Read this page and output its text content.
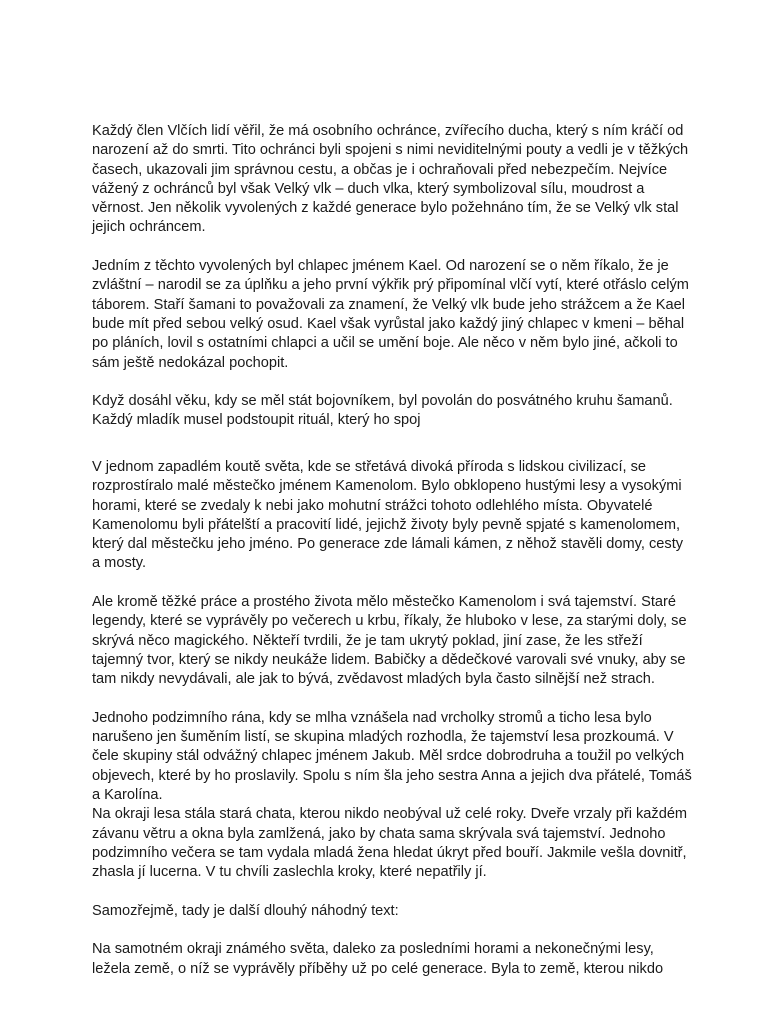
Každý člen Vlčích lidí věřil, že má osobního ochránce, zvířecího ducha, který s ním kráčí od narození až do smrti. Tito ochránci byli spojeni s nimi neviditelnými pouty a vedli je v těžkých časech, ukazovali jim správnou cestu, a občas je i ochraňovali před nebezpečím. Nejvíce vážený z ochránců byl však Velký vlk – duch vlka, který symbolizoval sílu, moudrost a věrnost. Jen několik vyvolených z každé generace bylo požehnáno tím, že se Velký vlk stal jejich ochráncem.

Jedním z těchto vyvolených byl chlapec jménem Kael. Od narození se o něm říkalo, že je zvláštní – narodil se za úplňku a jeho první výkřik prý připomínal vlčí vytí, které otřáslo celým táborem. Staří šamani to považovali za znamení, že Velký vlk bude jeho strážcem a že Kael bude mít před sebou velký osud. Kael však vyrůstal jako každý jiný chlapec v kmeni – běhal po pláních, lovil s ostatními chlapci a učil se umění boje. Ale něco v něm bylo jiné, ačkoli to sám ještě nedokázal pochopit.

Když dosáhl věku, kdy se měl stát bojovníkem, byl povolán do posvátného kruhu šamanů. Každý mladík musel podstoupit rituál, který ho spoj

V jednom zapadlém koutě světa, kde se střetává divoká příroda s lidskou civilizací, se rozprostíralo malé městečko jménem Kamenolom. Bylo obklopeno hustými lesy a vysokými horami, které se zvedaly k nebi jako mohutní strážci tohoto odlehlého místa. Obyvatelé Kamenolomu byli přátelští a pracovití lidé, jejichž životy byly pevně spjaté s kamenolomem, který dal městečku jeho jméno. Po generace zde lámali kámen, z něhož stavěli domy, cesty a mosty.

Ale kromě těžké práce a prostého života mělo městečko Kamenolom i svá tajemství. Staré legendy, které se vyprávěly po večerech u krbu, říkaly, že hluboko v lese, za starými doly, se skrývá něco magického. Někteří tvrdili, že je tam ukrytý poklad, jiní zase, že les střeží tajemný tvor, který se nikdy neukáže lidem. Babičky a dědečkové varovali své vnuky, aby se tam nikdy nevydávali, ale jak to bývá, zvědavost mladých byla často silnější než strach.

Jednoho podzimního rána, kdy se mlha vznášela nad vrcholky stromů a ticho lesa bylo narušeno jen šuměním listí, se skupina mladých rozhodla, že tajemství lesa prozkoumá. V čele skupiny stál odvážný chlapec jménem Jakub. Měl srdce dobrodruha a toužil po velkých objevech, které by ho proslavily. Spolu s ním šla jeho sestra Anna a jejich dva přátelé, Tomáš a Karolína.

Na okraji lesa stála stará chata, kterou nikdo neobýval už celé roky. Dveře vrzaly při každém závanu větru a okna byla zamlžená, jako by chata sama skrývala svá tajemství. Jednoho podzimního večera se tam vydala mladá žena hledat úkryt před bouří. Jakmile vešla dovnitř, zhasla jí lucerna. V tu chvíli zaslechla kroky, které nepatřily jí.

Samozřejmě, tady je další dlouhý náhodný text:

Na samotném okraji známého světa, daleko za posledními horami a nekonečnými lesy, ležela země, o níž se vyprávěly příběhy už po celé generace. Byla to země, kterou nikdo
